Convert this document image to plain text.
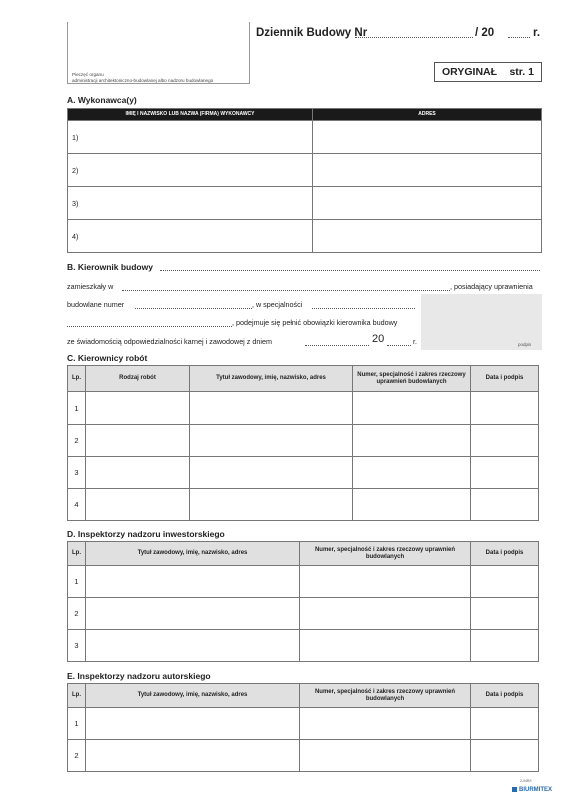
Pieczęć organu
administracji architektoniczno-budowlanej albo nadzoru budowlanego
Dziennik Budowy Nr	/ 20	r.
ORYGINAŁ str. 1
A. Wykonawca(y)
IMIĘ I NAZWISKO LUB NAZWA (FIRMA) WYKONAWCY	ADRES
1)	
2)	
3)	
4)	
B. Kierownik budowy
zamieszkały w	, posiadający uprawnienia
podpis
budowlane numer	, w specjalności
, podejmuje się pełnić obowiązki kierownika budowy
ze świadomością odpowiedzialności karnej i zawodowej z dniem	20	r.
C. Kierownicy robót
Lp.	Rodzaj robót	Tytuł zawodowy, imię, nazwisko, adres	Numer, specjalność i zakres rzeczowy uprawnień budowlanych	Data i podpis
1				
2				
3				
4				
D. Inspektorzy nadzoru inwestorskiego
Lp.	Tytuł zawodowy, imię, nazwisko, adres	Numer, specjalność i zakres rzeczowy uprawnień budowlanych	Data i podpis
1			
2			
3			
E. Inspektorzy nadzoru autorskiego
Lp.	Tytuł zawodowy, imię, nazwisko, adres	Numer, specjalność i zakres rzeczowy uprawnień budowlanych	Data i podpis
1			
2			
2-04R/I
BIURMITEX
